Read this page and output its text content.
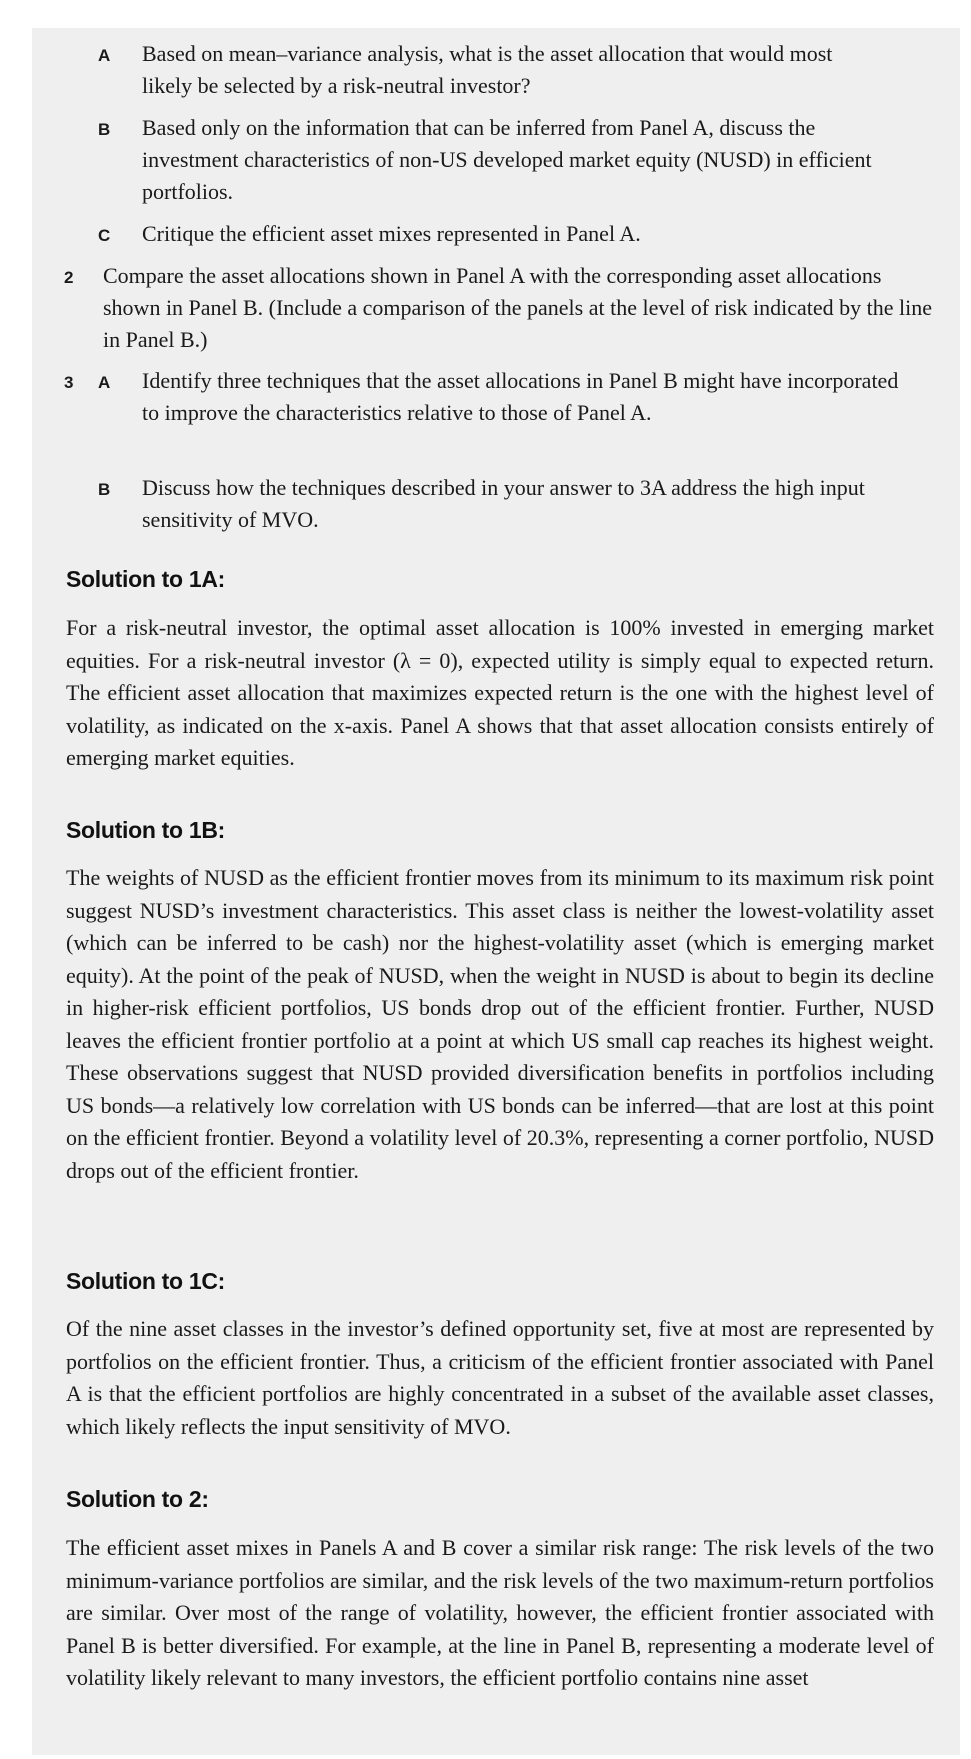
A Based on mean–variance analysis, what is the asset allocation that would most likely be selected by a risk-neutral investor?
B Based only on the information that can be inferred from Panel A, discuss the investment characteristics of non-US developed market equity (NUSD) in efficient portfolios.
C Critique the efficient asset mixes represented in Panel A.
2 Compare the asset allocations shown in Panel A with the corresponding asset allocations shown in Panel B. (Include a comparison of the panels at the level of risk indicated by the line in Panel B.)
3 A Identify three techniques that the asset allocations in Panel B might have incorporated to improve the characteristics relative to those of Panel A.
B Discuss how the techniques described in your answer to 3A address the high input sensitivity of MVO.
Solution to 1A:
For a risk-neutral investor, the optimal asset allocation is 100% invested in emerging market equities. For a risk-neutral investor (λ = 0), expected utility is simply equal to expected return. The efficient asset allocation that maximizes expected return is the one with the highest level of volatility, as indicated on the x-axis. Panel A shows that that asset allocation consists entirely of emerging market equities.
Solution to 1B:
The weights of NUSD as the efficient frontier moves from its minimum to its maximum risk point suggest NUSD’s investment characteristics. This asset class is neither the lowest-volatility asset (which can be inferred to be cash) nor the highest-volatility asset (which is emerging market equity). At the point of the peak of NUSD, when the weight in NUSD is about to begin its decline in higher-risk efficient portfolios, US bonds drop out of the efficient frontier. Further, NUSD leaves the efficient frontier portfolio at a point at which US small cap reaches its highest weight. These observations suggest that NUSD provided diversification benefits in portfolios including US bonds—a relatively low correlation with US bonds can be inferred—that are lost at this point on the efficient frontier. Beyond a volatility level of 20.3%, representing a corner portfolio, NUSD drops out of the efficient frontier.
Solution to 1C:
Of the nine asset classes in the investor’s defined opportunity set, five at most are represented by portfolios on the efficient frontier. Thus, a criticism of the efficient frontier associated with Panel A is that the efficient portfolios are highly concentrated in a subset of the available asset classes, which likely reflects the input sensitivity of MVO.
Solution to 2:
The efficient asset mixes in Panels A and B cover a similar risk range: The risk levels of the two minimum-variance portfolios are similar, and the risk levels of the two maximum-return portfolios are similar. Over most of the range of volatility, however, the efficient frontier associated with Panel B is better diversified. For example, at the line in Panel B, representing a moderate level of volatility likely relevant to many investors, the efficient portfolio contains nine asset
